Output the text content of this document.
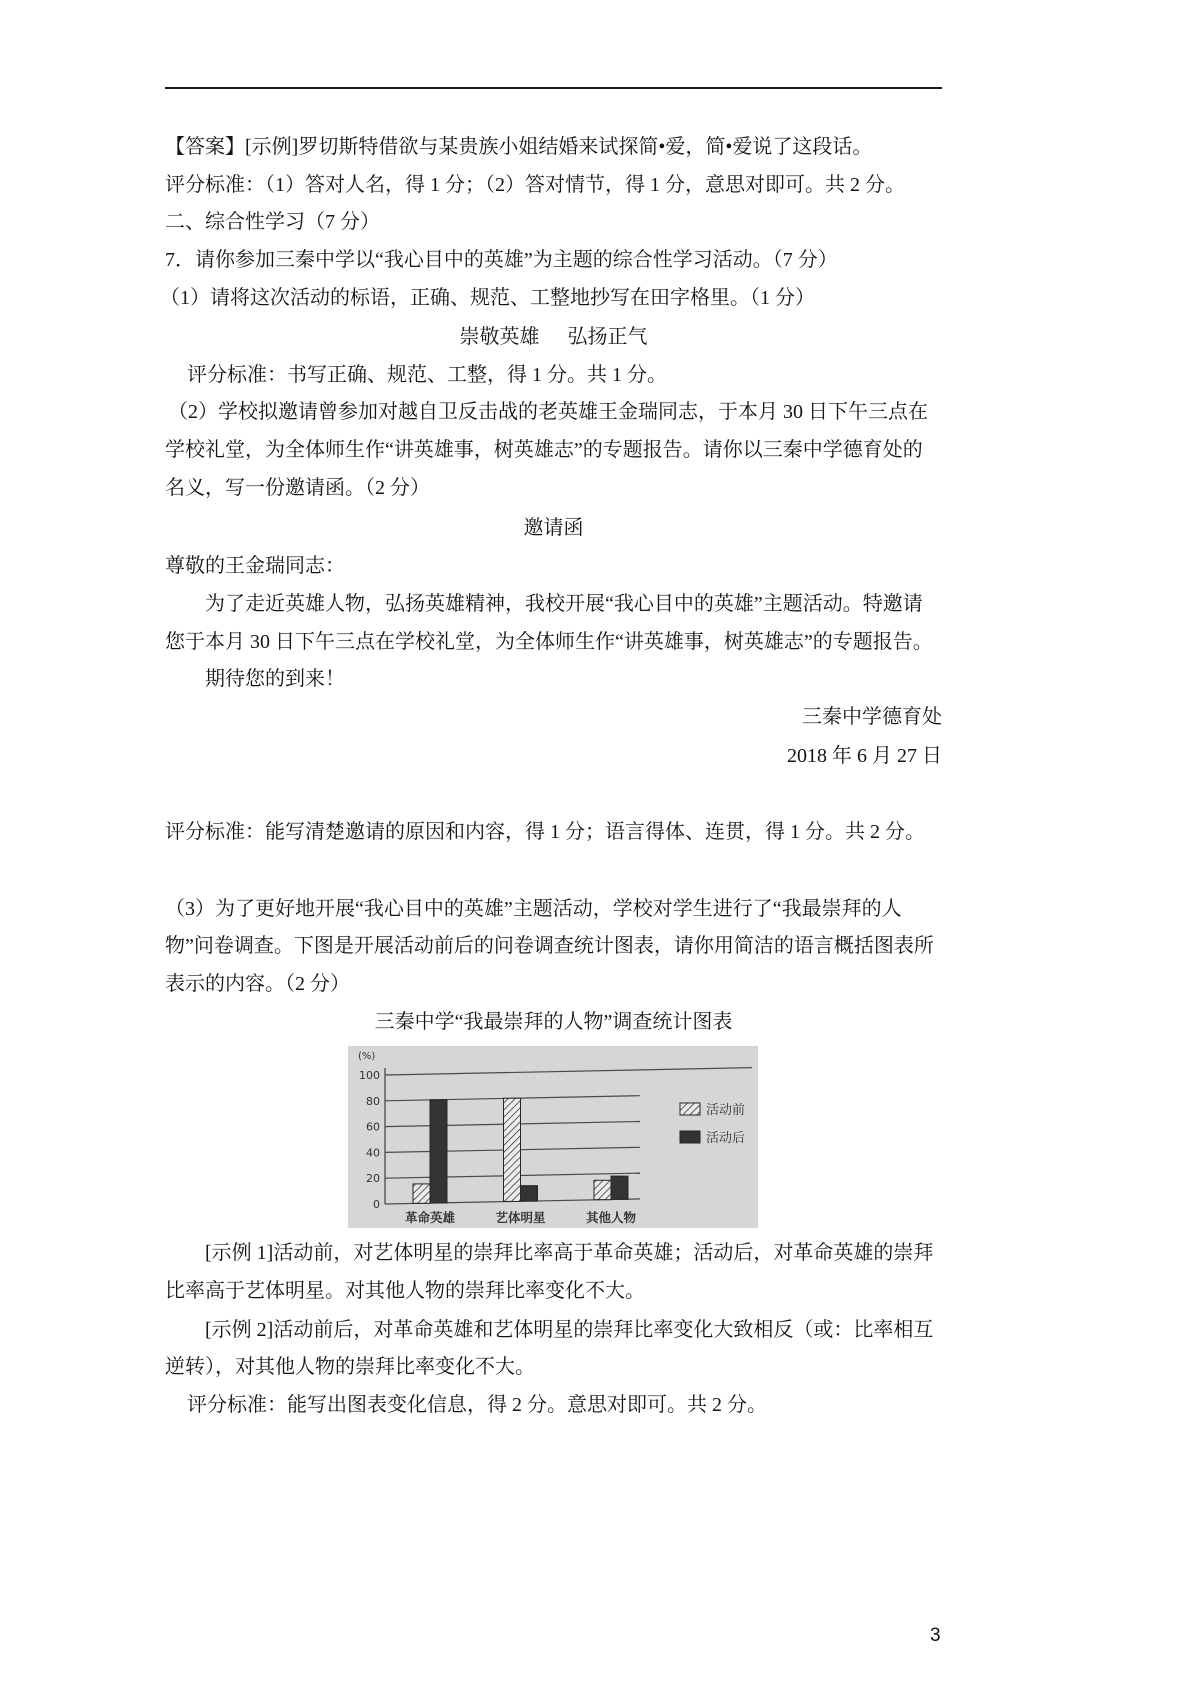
【答案】[示例]罗切斯特借欲与某贵族小姐结婚来试探简•爱，简•爱说了这段话。
评分标准：（1）答对人名，得 1 分；（2）答对情节，得 1 分，意思对即可。共 2 分。
二、综合性学习（7 分）
7．请你参加三秦中学以“我心目中的英雄”为主题的综合性学习活动。（7 分）
（1）请将这次活动的标语，正确、规范、工整地抄写在田字格里。（1 分）
崇敬英雄 弘扬正气
评分标准：书写正确、规范、工整，得 1 分。共 1 分。
（2）学校拟邀请曾参加对越自卫反击战的老英雄王金瑞同志，于本月 30 日下午三点在
学校礼堂，为全体师生作“讲英雄事，树英雄志”的专题报告。请你以三秦中学德育处的
名义，写一份邀请函。（2 分）
邀请函
尊敬的王金瑞同志：
为了走近英雄人物，弘扬英雄精神，我校开展“我心目中的英雄”主题活动。特邀请
您于本月 30 日下午三点在学校礼堂，为全体师生作“讲英雄事，树英雄志”的专题报告。
期待您的到来！
三秦中学德育处
2018 年 6 月 27 日
评分标准：能写清楚邀请的原因和内容，得 1 分；语言得体、连贯，得 1 分。共 2 分。
（3）为了更好地开展“我心目中的英雄”主题活动，学校对学生进行了“我最崇拜的人
物”问卷调查。下图是开展活动前后的问卷调查统计图表，请你用简洁的语言概括图表所
表示的内容。（2 分）
三秦中学“我最崇拜的人物”调查统计图表
(%)
0
20
40
60
80
100
革命英雄	艺体明星	其他人物
活动前
活动后
[示例 1]活动前，对艺体明星的崇拜比率高于革命英雄；活动后，对革命英雄的崇拜
比率高于艺体明星。对其他人物的崇拜比率变化不大。
[示例 2]活动前后，对革命英雄和艺体明星的崇拜比率变化大致相反（或：比率相互
逆转），对其他人物的崇拜比率变化不大。
评分标准：能写出图表变化信息，得 2 分。意思对即可。共 2 分。
3
